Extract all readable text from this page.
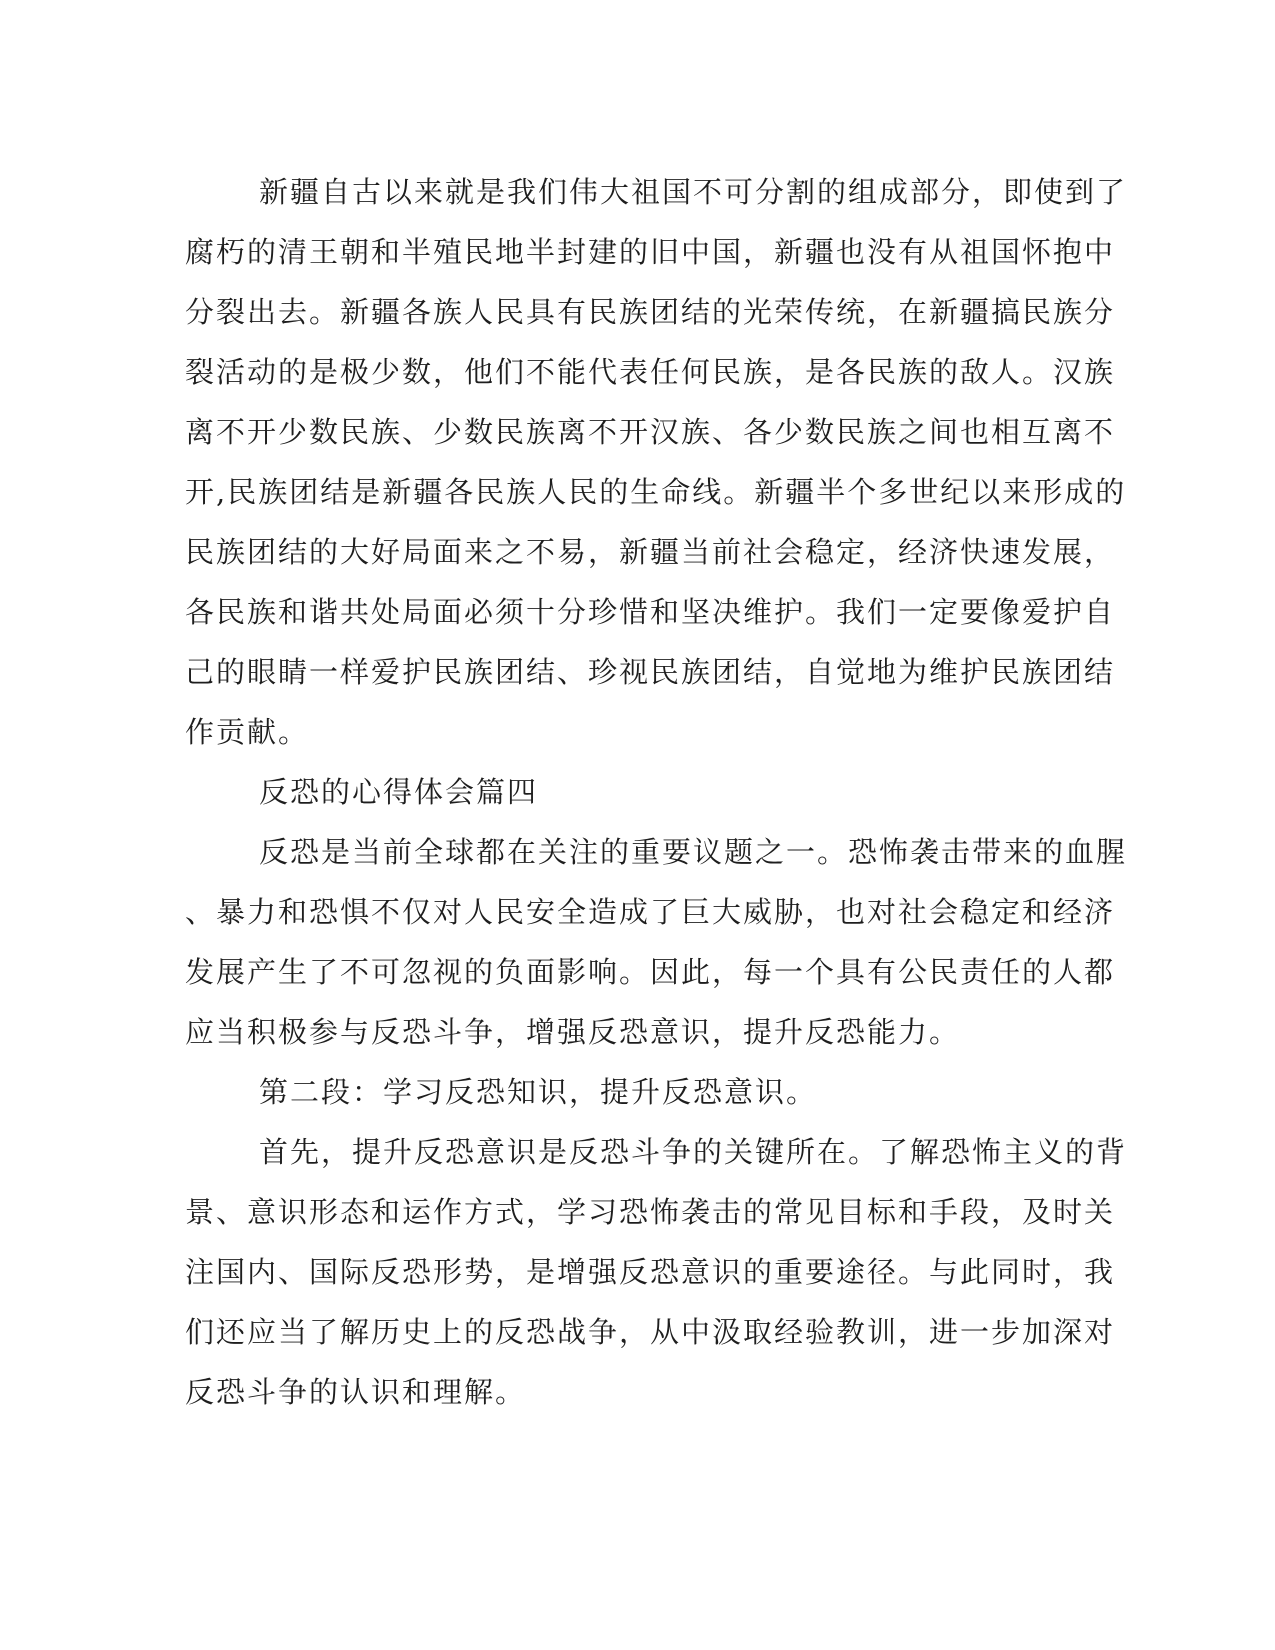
新疆自古以来就是我们伟大祖国不可分割的组成部分，即使到了
腐朽的清王朝和半殖民地半封建的旧中国，新疆也没有从祖国怀抱中
分裂出去。新疆各族人民具有民族团结的光荣传统，在新疆搞民族分
裂活动的是极少数，他们不能代表任何民族，是各民族的敌人。汉族
离不开少数民族、少数民族离不开汉族、各少数民族之间也相互离不
开,民族团结是新疆各民族人民的生命线。新疆半个多世纪以来形成的
民族团结的大好局面来之不易，新疆当前社会稳定，经济快速发展，
各民族和谐共处局面必须十分珍惜和坚决维护。我们一定要像爱护自
己的眼睛一样爱护民族团结、珍视民族团结，自觉地为维护民族团结
作贡献。
反恐的心得体会篇四
反恐是当前全球都在关注的重要议题之一。恐怖袭击带来的血腥
、暴力和恐惧不仅对人民安全造成了巨大威胁，也对社会稳定和经济
发展产生了不可忽视的负面影响。因此，每一个具有公民责任的人都
应当积极参与反恐斗争，增强反恐意识，提升反恐能力。
第二段：学习反恐知识，提升反恐意识。
首先，提升反恐意识是反恐斗争的关键所在。了解恐怖主义的背
景、意识形态和运作方式，学习恐怖袭击的常见目标和手段，及时关
注国内、国际反恐形势，是增强反恐意识的重要途径。与此同时，我
们还应当了解历史上的反恐战争，从中汲取经验教训，进一步加深对
反恐斗争的认识和理解。
